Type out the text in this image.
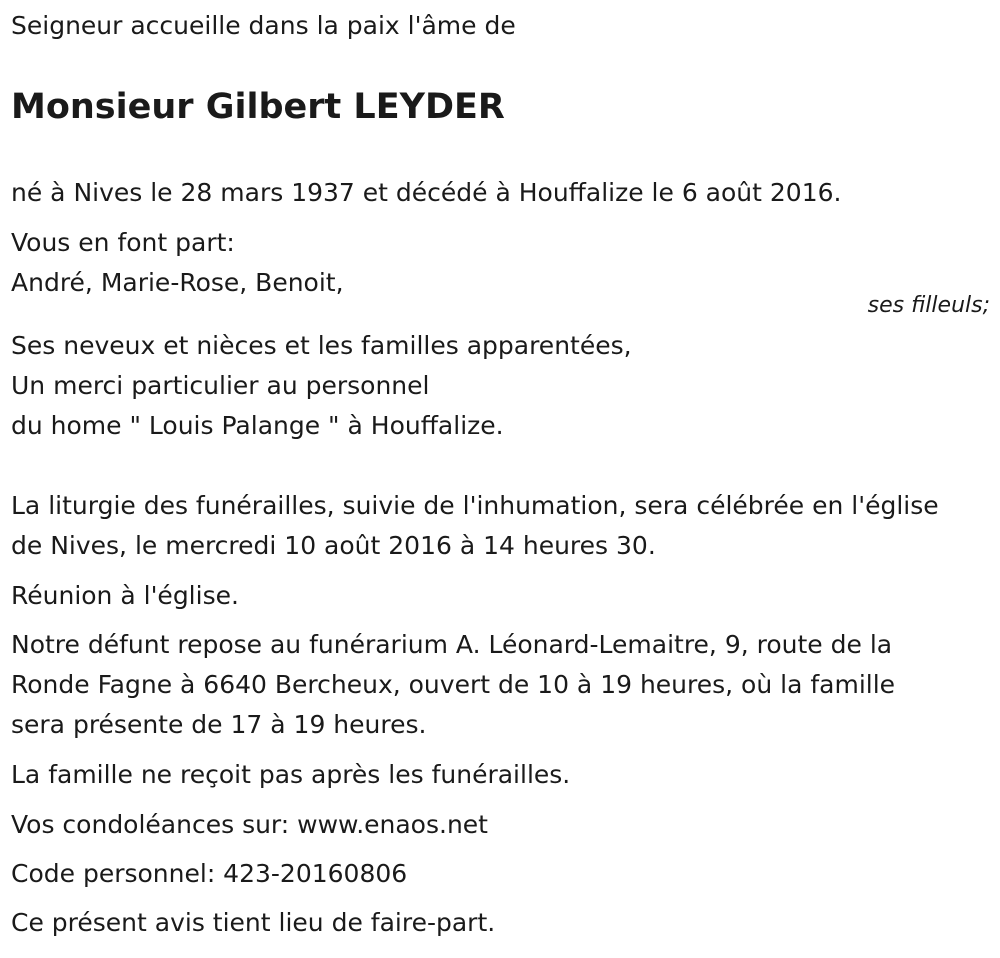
Seigneur accueille dans la paix l'âme de

Monsieur Gilbert LEYDER

né à Nives le 28 mars 1937 et décédé à Houffalize le 6 août 2016.

Vous en font part:

André, Marie-Rose, Benoit,

ses filleuls;

Ses neveux et nièces et les familles apparentées,
Un merci particulier au personnel
du home " Louis Palange " à Houffalize.
La liturgie des funérailles, suivie de l'inhumation, sera célébrée en l'église
de Nives, le mercredi 10 août 2016 à 14 heures 30.

Réunion à l'église.

Notre défunt repose au funérarium A. Léonard-Lemaitre, 9, route de la
Ronde Fagne à 6640 Bercheux, ouvert de 10 à 19 heures, où la famille
sera présente de 17 à 19 heures.

La famille ne reçoit pas après les funérailles.

Vos condoléances sur: www.enaos.net

Code personnel: 423-20160806

Ce présent avis tient lieu de faire-part.
